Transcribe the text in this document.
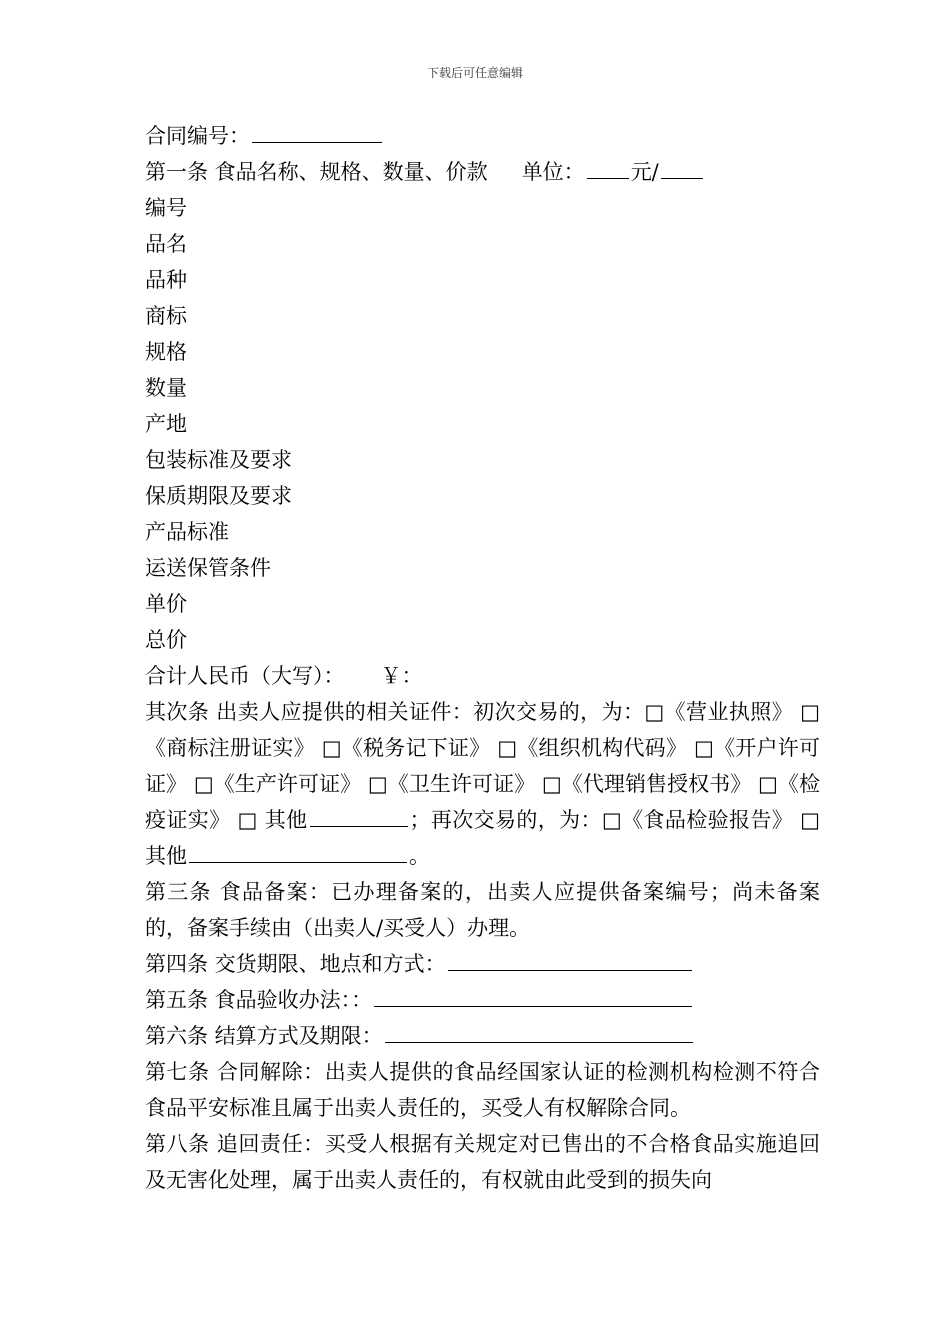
下载后可任意编辑
合同编号：
第一条 食品名称、规格、数量、价款 单位： 元/
编号
品名
品种
商标
规格
数量
产地
包装标准及要求
保质期限及要求
产品标准
运送保管条件
单价
总价
合计人民币（大写）： ￥：
其次条 出卖人应提供的相关证件：初次交易的，为：□《营业执照》 □《商标注册证实》 □《税务记下证》 □《组织机构代码》 □《开户许可证》 □《生产许可证》 □《卫生许可证》 □《代理销售授权书》 □《检疫证实》 □ 其他	；再次交易的，为：□《食品检验报告》 □ 其他	。
第三条 食品备案：已办理备案的，出卖人应提供备案编号；尚未备案的，备案手续由（出卖人/买受人）办理。
第四条 交货期限、地点和方式：
第五条 食品验收办法：：
第六条 结算方式及期限：
第七条 合同解除：出卖人提供的食品经国家认证的检测机构检测不符合食品平安标准且属于出卖人责任的，买受人有权解除合同。
第八条 追回责任：买受人根据有关规定对已售出的不合格食品实施追回及无害化处理，属于出卖人责任的，有权就由此受到的损失向
